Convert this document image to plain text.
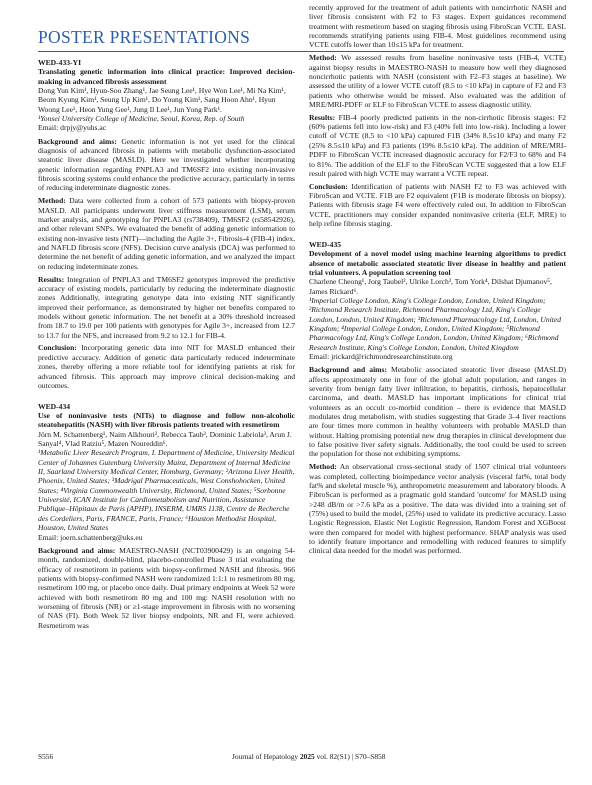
POSTER PRESENTATIONS

WED-433-YI

Translating genetic information into clinical practice: Improved decision-making in advanced fibrosis assessment

Dong Yun Kim¹, Hyun-Soo Zhang¹, Jae Seung Lee¹, Hye Won Lee¹, Mi Na Kim¹, Beom Kyung Kim¹, Seung Up Kim¹, Do Young Kim¹, Sang Hoon Ahn¹, Hyun Woong Lee¹, Heon Yung Gee¹, Jung Il Lee¹, Jun Yong Park¹.

¹Yonsei University College of Medicine, Seoul, Korea, Rep. of South

Email: drpjy@yuhs.ac

Background and aims: Genetic information is not yet used for the clinical diagnosis of advanced fibrosis in patients with metabolic dysfunction-associated steatotic liver disease (MASLD). Here we investigated whether incorporating genetic information regarding PNPLA3 and TM6SF2 into existing non-invasive fibrosis scoring systems could enhance the predictive accuracy, particularly in terms of reducing indeterminate diagnostic zones.

Method: Data were collected from a cohort of 573 patients with biopsy-proven MASLD. All participants underwent liver stiffness measurement (LSM), serum marker analysis, and genotyping for PNPLA3 (rs738409), TM6SF2 (rs58542926), and other relevant SNPs. We evaluated the benefit of adding genetic information to existing non-invasive tests (NIT)—including the Agile 3+, Fibrosis-4 (FIB-4) index, and NAFLD fibrosis score (NFS). Decision curve analysis (DCA) was performed to determine the net benefit of adding genetic information, and we analyzed the impact on reducing indeterminate zones.

Results: Integration of PNPLA3 and TM6SF2 genotypes improved the predictive accuracy of existing models, particularly by reducing the indeterminate diagnostic zones Additionally, integrating genotype data into existing NIT significantly improved their performance, as demonstrated by higher net benefits compared to models without genetic information. The net benefit at a 30% threshold increased from 18.7 to 19.0 per 100 patients with genotypes for Agile 3+, increased from 12.7 to 13.7 for the NFS, and increased from 9.2 to 12.1 for FIB-4.

Conclusion: Incorporating genetic data into NIT for MASLD enhanced their predictive accuracy. Addition of genetic data particularly reduced indeterminate zones, thereby offering a more reliable tool for identifying patients at risk for advanced fibrosis. This approach may improve clinical decision-making and outcomes.

WED-434

Use of noninvasive tests (NITs) to diagnose and follow non-alcoholic steatohepatitis (NASH) with liver fibrosis patients treated with resmetirom

Jörn M. Schattenberg¹, Naim Alkhouri², Rebecca Taub³, Dominic Labriola³, Arun J. Sanyal⁴, Vlad Ratziu⁵, Mazen Noureddin⁶.

¹Metabolic Liver Research Program, I. Department of Medicine, University Medical Center of Johannes Gutenburg University Mainz, Department of Internal Medicine II, Saarland University Medical Center, Homburg, Germany; ²Arizona Liver Health, Phoenix, United States; ³Madrigal Pharmaceuticals, West Conshohocken, United States; ⁴Virginia Commonwealth University, Richmond, United States; ⁵Sorbonne Université, ICAN Institute for Cardiometabolism and Nutrition, Assistance Publique–Hôpitaux de Paris (APHP), INSERM, UMRS 1138, Centre de Recherche des Cordeliers, Paris, FRANCE, Paris, France; ⁶Houston Methodist Hospital, Houston, United States

Email: joern.schattenberg@uks.eu

Background and aims: MAESTRO-NASH (NCT03900429) is an ongoing 54-month, randomized, double-blind, placebo-controlled Phase 3 trial evaluating the efficacy of resmetirom in patients with biopsy-confirmed NASH and fibrosis. 966 patients with biopsy-confirmed NASH were randomized 1:1:1 to resmetirom 80 mg, resmetirom 100 mg, or placebo once daily. Dual primary endpoints at Week 52 were achieved with both resmetirom 80 mg and 100 mg: NASH resolution with no worsening of fibrosis (NR) or ≥1-stage improvement in fibrosis with no worsening of NAS (FI). Both Week 52 liver biopsy endpoints, NR and FI, were achieved. Resmetirom was

recently approved for the treatment of adult patients with noncirrhotic NASH and liver fibrosis consistent with F2 to F3 stages. Expert guidances recommend treatment with resmetirom based on staging fibrosis using FibroScan VCTE. EASL recommends stratifying patients using FIB-4. Most guidelines recommend using VCTE cutoffs lower than 10≤15 kPa for treatment.

Method: We assessed results from baseline noninvasive tests (FIB-4, VCTE) against biopsy results in MAESTRO-NASH to measure how well they diagnosed noncirrhotic patients with NASH (consistent with F2–F3 stages at baseline). We assessed the utility of a lower VCTE cutoff (8.5 to <10 kPa) in capture of F2 and F3 patients who otherwise would be missed. Also evaluated was the addition of MRE/MRI-PDFF or ELF to FibroScan VCTE to assess diagnostic utility.

Results: FIB-4 poorly predicted patients in the non-cirrhotic fibrosis stages: F2 (60% patients fell into low-risk) and F3 (40% fell into low-risk). Including a lower cutoff of VCTE (8.5 to <10 kPa) captured F1B (34% 8.5≤10 kPa) and many F2 (25% 8.5≤10 kPa) and F3 patients (19% 8.5≤10 kPa). The addition of MRE/MRI-PDFF to FibroScan VCTE increased diagnostic accuracy for F2/F3 to 68% and F4 to 81%. The addition of the ELF to the FibroScan VCTE suggested that a low ELF result paired with high VCTE may warrant a VCTE repeat.

Conclusion: Identification of patients with NASH F2 to F3 was achieved with FibroScan and VCTE. F1B are F2 equivalent (F1B is moderate fibrosis on biopsy). Patients with fibrosis stage F4 were effectively ruled out. In addition to FibroScan VCTE, practitioners may consider expanded noninvasive criteria (ELF, MRE) to help refine fibrosis staging.

WED-435

Development of a novel model using machine learning algorithms to predict absence of metabolic associated steatotic liver disease in healthy and patient trial volunteers. A population screening tool

Charlene Cheong¹, Jorg Taubel², Ulrike Lorch³, Tom York⁴, Dilshat Djumanov⁵, James Rickard⁶.

¹Imperial College London, King's College London, London, United Kingdom; ²Richmond Research Institute, Richmond Pharmacology Ltd, King's College London, London, United Kingdom; ³Richmond Pharmacology Ltd, London, United Kingdom; ⁴Imperial College London, London, United Kingdom; ⁵Richmond Pharmacology Ltd, King's College London, London, United Kingdom; ⁶Richmond Research Institute, King's College London, London, United Kingdom

Email: jrickard@richmondresearchinstitute.org

Background and aims: Metabolic associated steatotic liver disease (MASLD) affects approximately one in four of the global adult population, and ranges in severity from benign fatty liver infiltration, to hepatitis, cirrhosis, hepatocellular carcinoma, and death. MASLD has important implications for clinical trial volunteers as an occult co-morbid condition – there is evidence that MASLD modulates drug metabolism, with studies suggesting that Grade 3–4 liver reactions are four times more common in healthy volunteers with probable MASLD than without. Halting promising potential new drug therapies in clinical development due to false positive liver safety signals. Additionally, the tool could be used to screen the population for those not exhibiting symptoms.

Method: An observational cross-sectional study of 1507 clinical trial volunteers was completed, collecting bioimpedance vector analysis (visceral fat%, total body fat% and skeletal muscle %), anthropometric measurement and laboratory bloods. A FibroScan is performed as a pragmatic gold standard 'outcome' for MASLD using >248 dB/m or >7.6 kPa as a positive. The data was divided into a training set of (75%) used to build the model, (25%) used to validate its predictive accuracy. Lasso Logistic Regression, Elastic Net Logistic Regression, Random Forest and XGBoost were then compared for model with highest performance. SHAP analysis was used to identify feature importance and remodelling with reduced features to simplify clinical data needed for the model was performed.

S556	Journal of Hepatology 2025 vol. 82(S1) | S70–S858
